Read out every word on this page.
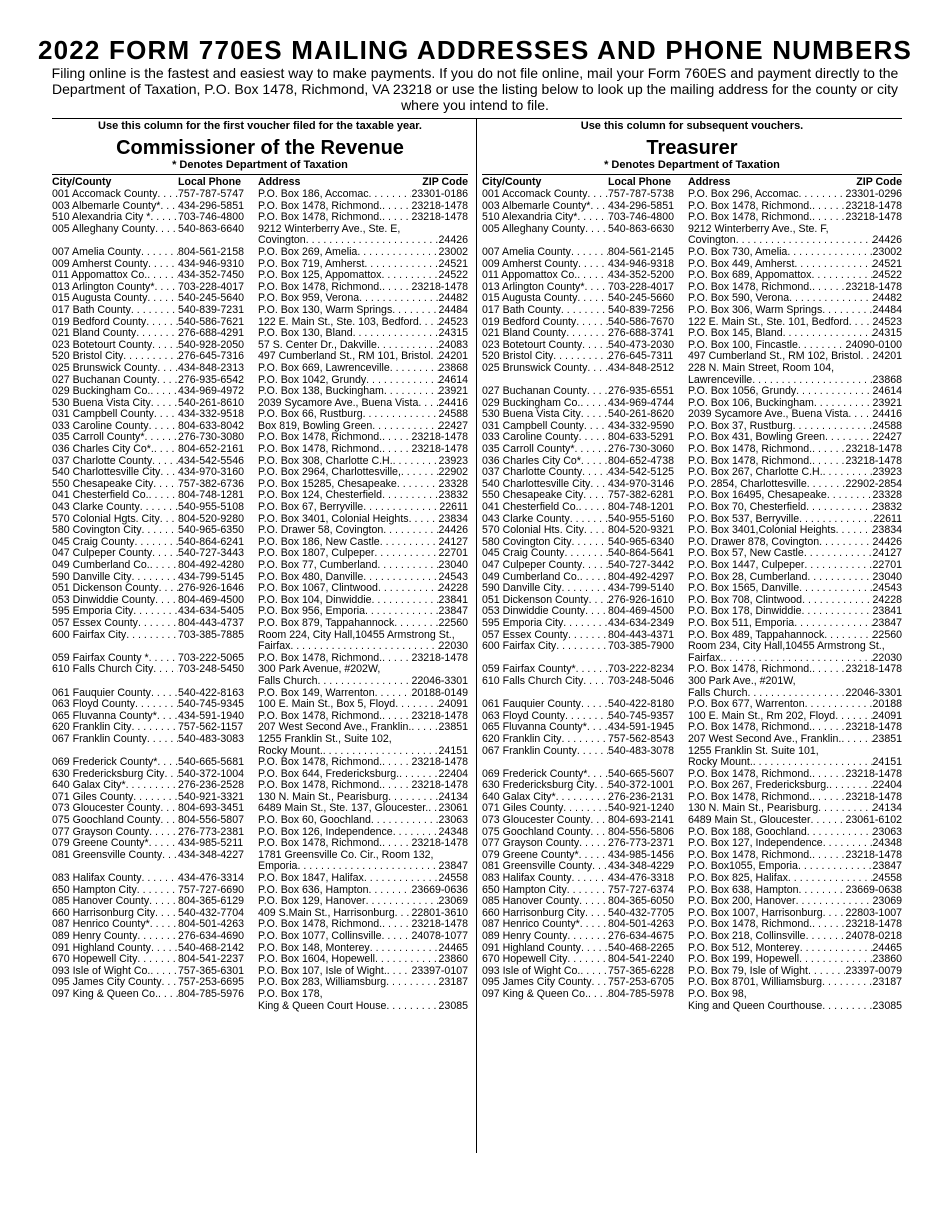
2022 FORM 770ES MAILING ADDRESSES AND PHONE NUMBERS
Filing online is the fastest and easiest way to make payments. If you do not file online, mail your Form 760ES and payment directly to the Department of Taxation, P.O. Box 1478, Richmond, VA 23218 or use the listing below to look up the mailing address for the county or city where you intend to file.
Use this column for the first voucher filed for the taxable year.
Commissioner of the Revenue
* Denotes Department of Taxation
City/County	Local Phone Address	ZIP Code
001 Accomack County . . . 757-787-5747 P.O. Box 186, Accomac . . .	23301-0186
003 Albemarle County* . . . 434-296-5851 P.O. Box 1478, Richmond. . . .	23218-1478
510 Alexandria City * . . .	703-746-4800 P.O. Box 1478, Richmond. . . .	23218-1478
005 Alleghany County . . . 540-863-6640 9212 Winterberry Ave., Ste. E,
Covington . . .	24426
007 Amelia County . . .	804-561-2158 P.O. Box 269, Amelia . . .	23002
009 Amherst County . . .	434-946-9310 P.O. Box 719, Amherst . . .	24521
011 Appomattox Co. . . .	434-352-7450 P.O. Box 125, Appomattox . . .	24522
013 Arlington County* . . . 703-228-4017 P.O. Box 1478, Richmond. . . .	23218-1478
015 Augusta County . . .	540-245-5640 P.O. Box 959, Verona . . .	24482
017 Bath County . . .	540-839-7231 P.O. Box 130, Warm Springs . . .	24484
019 Bedford County . . .	540-586-7621 122 E. Main St., Ste. 103, Bedford . . . 24523
021 Bland County . . .	276-688-4291 P.O. Box 130, Bland . . .	24315
023 Botetourt County . . . 540-928-2050 57 S. Center Dr., Dakville . . .	24083
520 Bristol City . . .	276-645-7316 497 Cumberland St., RM 101, Bristol . . . 24201
025 Brunswick County . . . 434-848-2313 P.O. Box 669, Lawrenceville . . .	23868
027 Buchanan County . . . 276-935-6542 P.O. Box 1042, Grundy . . .	24614
029 Buckingham Co. . . .	434-969-4972 P.O. Box 138, Buckingham . . .	23921
530 Buena Vista City . . .	540-261-8610 2039 Sycamore Ave., Buena Vista . . . 24416
031 Campbell County . . . 434-332-9518 P.O. Box 66, Rustburg . . .	24588
033 Caroline County . . .	804-633-8042 Box 819, Bowling Green . . .	22427
035 Carroll County* . . .	276-730-3080 P.O. Box 1478, Richmond. . . .	23218-1478
036 Charles City Co*. . . . 804-652-2161 P.O. Box 1478, Richmond. . . .	23218-1478
037 Charlotte County . . . 434-542-5546 P.O. Box 308, Charlotte C.H. . . .	23923
540 Charlottesville City . . . 434-970-3160 P.O. Box 2964, Charlottesville, . . .	22902
550 Chesapeake City . . . 757-382-6736 P.O. Box 15285, Chesapeake . . .	23328
041 Chesterfield Co. . . .	804-748-1281 P.O. Box 124, Chesterfield . . .	23832
043 Clarke County . . .	540-955-5108 P.O. Box 67, Berryville . . .	22611
570 Colonial Hgts. City . . . 804-520-9280 P.O. Box 3401, Colonial Heights . . .	23834
580 Covington City . . .	540-965-6350 P.O. Drawer 58, Covington . . .	24426
045 Craig County . . .	540-864-6241 P.O. Box 186, New Castle . . .	24127
047 Culpeper County . . . 540-727-3443 P.O. Box 1807, Culpeper . . .	22701
049 Cumberland Co. . . .	804-492-4280 P.O. Box 77, Cumberland . . .	23040
590 Danville City . . .	434-799-5145 P.O. Box 480, Danville . . .	24543
051 Dickenson County . . . 276-926-1646 P.O. Box 1067, Clintwood . . .	24228
053 Dinwiddie County . . . 804-469-4500 P.O. Box 104, Dinwiddie . . .	23841
595 Emporia City . . .	434-634-5405 P.O. Box 956, Emporia . . .	23847
057 Essex County . . .	804-443-4737 P.O. Box 879, Tappahannock . . .	22560
600 Fairfax City . . .	703-385-7885 Room 224, City Hall,10455 Armstrong St.,
Fairfax . . .	22030
059 Fairfax County * . . .	703-222-5065 P.O. Box 1478, Richmond. . . .	23218-1478
610 Falls Church City . . . 703-248-5450 300 Park Avenue, #202W,
Falls Church . . .	22046-3301
061 Fauquier County . . .	540-422-8163 P.O. Box 149, Warrenton . . .	20188-0149
063 Floyd County . . .	540-745-9345 100 E. Main St., Box 5, Floyd . . .	24091
065 Fluvanna County* . . . 434-591-1940 P.O. Box 1478, Richmond. . . .	23218-1478
620 Franklin City . . .	757-562-1157 207 West Second Ave., Franklin. . . .	23851
067 Franklin County . . .	540-483-3083 1255 Franklin St., Suite 102,
Rocky Mount. . . .	24151
069 Frederick County* . . . 540-665-5681 P.O. Box 1478, Richmond. . . .	23218-1478
630 Fredericksburg City . . . 540-372-1004 P.O. Box 644, Fredericksburg. . . .	22404
640 Galax City* . . .	276-236-2528 P.O. Box 1478, Richmond. . . .	23218-1478
071 Giles County . . .	540-921-3321 130 N. Main St., Pearisburg . . .	24134
073 Gloucester County . . . 804-693-3451 6489 Main St., Ste. 137, Gloucester. . . . 23061
075 Goochland County . . . 804-556-5807 P.O. Box 60, Goochland . . .	23063
077 Grayson County . . .	276-773-2381 P.O. Box 126, Independence . . .	24348
079 Greene County* . . .	434-985-5211 P.O. Box 1478, Richmond. . . .	23218-1478
081 Greensville County . . . 434-348-4227 1781 Greensville Co. Cir., Room 132,
Emporia . . .	23847
083 Halifax County . . .	434-476-3314 P.O. Box 1847, Halifax . . .	24558
650 Hampton City . . .	757-727-6690 P.O. Box 636, Hampton . . .	23669-0636
085 Hanover County . . .	804-365-6129 P.O. Box 129, Hanover . . .	23069
660 Harrisonburg City . . . 540-432-7704 409 S.Main St., Harrisonburg . . . 22801-3610
087 Henrico County* . . .	804-501-4263 P.O. Box 1478, Richmond. . . .	23218-1478
089 Henry County . . .	276-634-4690 P.O. Box 1077, Collinsville . . .	24078-1077
091 Highland County . . .	540-468-2142 P.O. Box 148, Monterey . . .	24465
670 Hopewell City . . .	804-541-2237 P.O. Box 1604, Hopewell . . .	23860
093 Isle of Wight Co. . . .	757-365-6301 P.O. Box 107, Isle of Wight. . . . 23397-0107
095 James City County . . . 757-253-6695 P.O. Box 283, Williamsburg . . .	23187
097 King & Queen Co. . . . 804-785-5976 P.O. Box 178,
King & Queen Court House . . .	23085
Use this column for subsequent vouchers.
Treasurer
* Denotes Department of Taxation
City/County	Local Phone Address	ZIP Code
001 Accomack County . . . 757-787-5738 P.O. Box 296, Accomac . . .	23301-0296
003 Albemarle County* . . . 434-296-5851 P.O. Box 1478, Richmond. . . .	23218-1478
510 Alexandria City* . . .	703-746-4800 P.O. Box 1478, Richmond. . . .	23218-1478
005 Alleghany County . . . 540-863-6630 9212 Winterberry Ave., Ste. F,
Covington . . .	24426
007 Amelia County . . .	804-561-2145 P.O. Box 730, Amelia . . .	23002
009 Amherst County . . .	434-946-9318 P.O. Box 449, Amherst . . .	24521
011 Appomattox Co. . . .	434-352-5200 P.O. Box 689, Appomattox . . .	24522
013 Arlington County* . . . 703-228-4017 P.O. Box 1478, Richmond. . . .	23218-1478
015 Augusta County . . .	540-245-5660 P.O. Box 590, Verona . . .	24482
017 Bath County . . .	540-839-7256 P.O. Box 306, Warm Springs . . .	24484
019 Bedford County . . .	540-586-7670 122 E. Main St., Ste. 101, Bedford . . . 24523
021 Bland County . . .	276-688-3741 P.O. Box 145, Bland . . .	24315
023 Botetourt County . . . 540-473-2030 P.O. Box 100, Fincastle . . .	24090-0100
520 Bristol City . . .	276-645-7311 497 Cumberland St., RM 102, Bristol . . . 24201
025 Brunswick County . . . 434-848-2512 228 N. Main Street, Room 104,
Lawrenceville . . .	23868
027 Buchanan County . . . 276-935-6551 P.O. Box 1056, Grundy . . .	24614
029 Buckingham Co. . . .	434-969-4744 P.O. Box 106, Buckingham . . .	23921
530 Buena Vista City . . .	540-261-8620 2039 Sycamore Ave., Buena Vista . . . 24416
031 Campbell County . . . 434-332-9590 P.O. Box 37, Rustburg . . .	24588
033 Caroline County . . .	804-633-5291 P.O. Box 431, Bowling Green . . .	22427
035 Carroll County* . . .	276-730-3060 P.O. Box 1478, Richmond. . . .	23218-1478
036 Charles City Co* . . .	804-652-4738 P.O. Box 1478, Richmond. . . .	23218-1478
037 Charlotte County . . . 434-542-5125 P.O. Box 267, Charlotte C.H. . . .	23923
540 Charlottesville City . . . 434-970-3146 P.O. 2854, Charlottesville . . .	22902-2854
550 Chesapeake City . . . 757-382-6281 P.O. Box 16495, Chesapeake . . .	23328
041 Chesterfield Co. . . .	804-748-1201 P.O. Box 70, Chesterfield . . .	23832
043 Clarke County . . .	540-955-5160 P.O. Box 537, Berryville . . .	22611
570 Colonial Hts. City . . . 804-520-9321 P.O. Box 3401,Colonial Heights . . .	23834
580 Covington City . . .	540-965-6340 P.O. Drawer 878, Covington . . .	24426
045 Craig County . . .	540-864-5641 P.O. Box 57, New Castle . . .	24127
047 Culpeper County . . . 540-727-3442 P.O. Box 1447, Culpeper . . .	22701
049 Cumberland Co. . . .	804-492-4297 P.O. Box 28, Cumberland . . .	23040
590 Danville City . . .	434-799-5140 P.O. Box 1565, Danville . . .	24543
051 Dickenson County . . . 276-926-1610 P.O. Box 708, Clintwood . . .	24228
053 Dinwiddie County . . . 804-469-4500 P.O. Box 178, Dinwiddie . . .	23841
595 Emporia City . . .	434-634-2349 P.O. Box 511, Emporia . . .	23847
057 Essex County . . .	804-443-4371 P.O. Box 489, Tappahannock . . .	22560
600 Fairfax City . . .	703-385-7900 Room 234, City Hall,10455 Armstrong St.,
Fairfax. . . .	22030
059 Fairfax County* . . .	703-222-8234 P.O. Box 1478, Richmond. . . .	23218-1478
610 Falls Church City . . . 703-248-5046 300 Park Ave., #201W,
Falls Church . . .	22046-3301
061 Fauquier County . . .	540-422-8180 P.O. Box 677, Warrenton . . .	20188
063 Floyd County . . .	540-745-9357 100 E. Main St., Rm 202, Floyd . . .	24091
065 Fluvanna County* . . . 434-591-1945 P.O. Box 1478, Richmond. . . .	23218-1478
620 Franklin City . . .	757-562-8543 207 West Second Ave., Franklin. . . .	23851
067 Franklin County . . .	540-483-3078 1255 Franklin St. Suite 101,
Rocky Mount. . . .	24151
069 Frederick County* . . . 540-665-5607 P.O. Box 1478, Richmond. . . .	23218-1478
630 Fredericksburg City . . . 540-372-1001 P.O. Box 267, Fredericksburg. . . .	22404
640 Galax City* . . .	276-236-2131 P.O. Box 1478, Richmond. . . .	23218-1478
071 Giles County . . .	540-921-1240 130 N. Main St., Pearisburg . . .	24134
073 Gloucester County . . . 804-693-2141 6489 Main St., Gloucester . . .	23061-6102
075 Goochland County . . . 804-556-5806 P.O. Box 188, Goochland . . .	23063
077 Grayson County . . .	276-773-2371 P.O. Box 127, Independence . . .	24348
079 Greene County* . . .	434-985-1456 P.O. Box 1478, Richmond. . . .	23218-1478
081 Greensville County . . . 434-348-4229 P.O. Box1055, Emporia . . .	23847
083 Halifax County . . .	434-476-3318 P.O. Box 825, Halifax . . .	24558
650 Hampton City . . .	757-727-6374 P.O. Box 638, Hampton . . .	23669-0638
085 Hanover County . . .	804-365-6050 P.O. Box 200, Hanover . . .	23069
660 Harrisonburg City . . . 540-432-7705 P.O. Box 1007, Harrisonburg . . . 22803-1007
087 Henrico County* . . .	804-501-4263 P.O. Box 1478, Richmond. . . .	23218-1478
089 Henry County . . .	276-634-4675 P.O. Box 218, Collinsville . . .	24078-0218
091 Highland County . . .	540-468-2265 P.O. Box 512, Monterey . . .	24465
670 Hopewell City . . .	804-541-2240 P.O. Box 199, Hopewell . . .	23860
093 Isle of Wight Co. . . .	757-365-6228 P.O. Box 79, Isle of Wight . . .	23397-0079
095 James City County . . . 757-253-6705 P.O. Box 8701, Williamsburg . . .	23187
097 King & Queen Co. . . . 804-785-5978 P.O. Box 98,
King and Queen Courthouse . . .	23085
